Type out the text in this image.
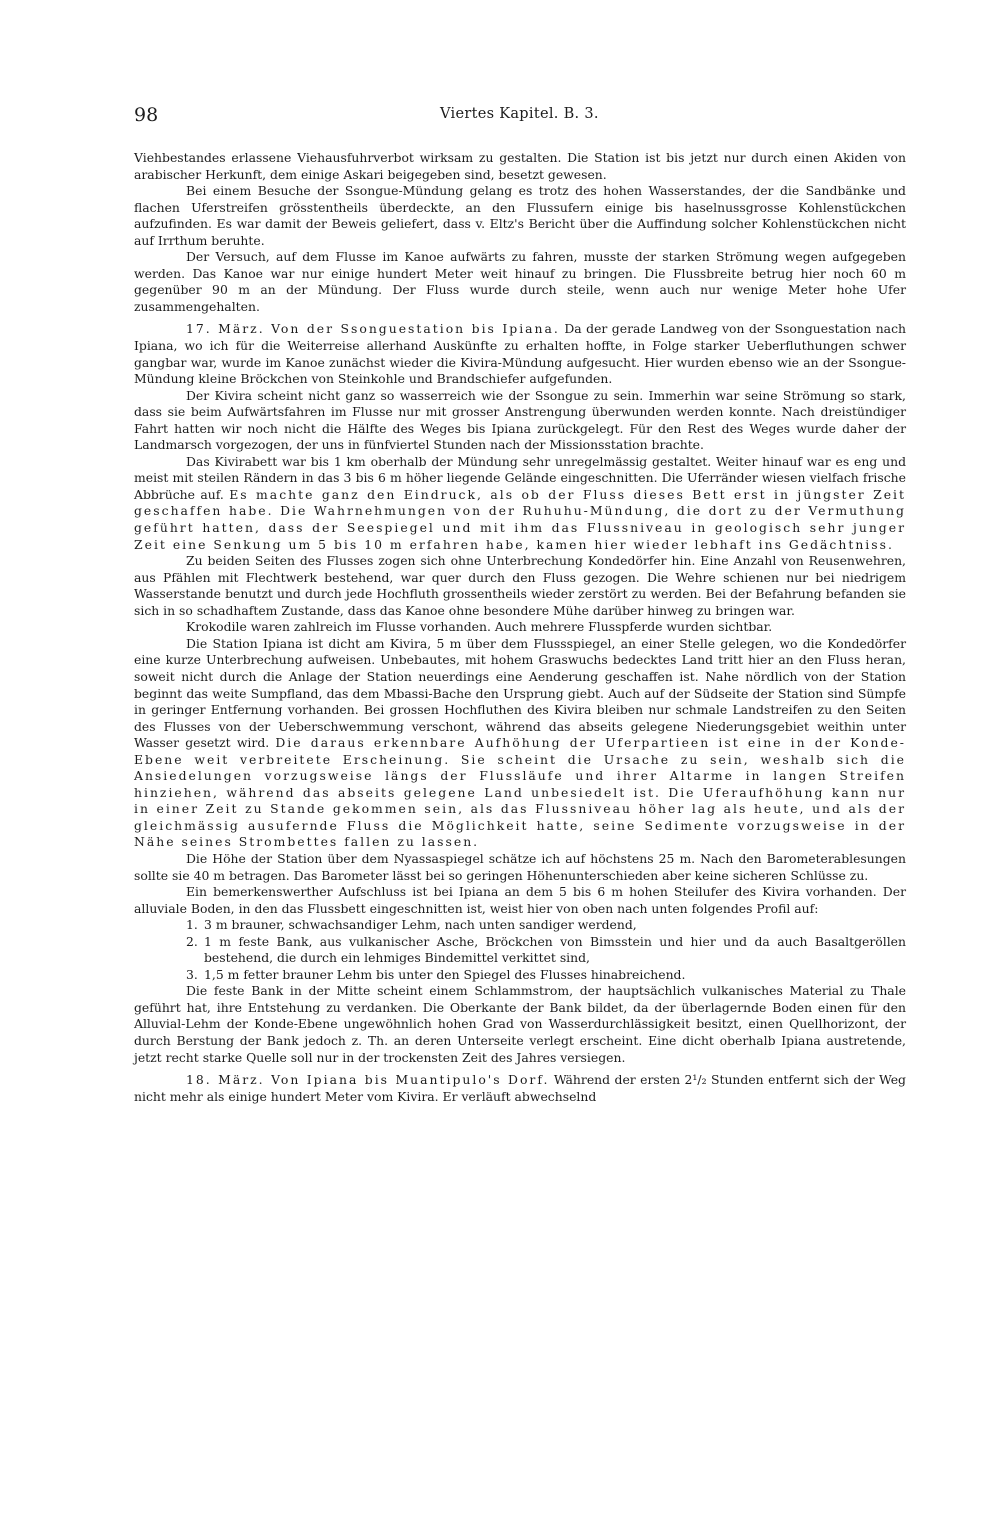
98	Viertes Kapitel. B. 3.

Viehbestandes erlassene Viehausfuhrverbot wirksam zu gestalten. Die Station ist bis jetzt nur durch einen Akiden von arabischer Herkunft, dem einige Askari beigegeben sind, besetzt gewesen.

Bei einem Besuche der Ssongue-Mündung gelang es trotz des hohen Wasserstandes, der die Sandbänke und flachen Uferstreifen grösstentheils überdeckte, an den Flussufern einige bis haselnussgrosse Kohlenstückchen aufzufinden. Es war damit der Beweis geliefert, dass v. Eltz's Bericht über die Auffindung solcher Kohlenstückchen nicht auf Irrthum beruhte.

Der Versuch, auf dem Flusse im Kanoe aufwärts zu fahren, musste der starken Strömung wegen aufgegeben werden. Das Kanoe war nur einige hundert Meter weit hinauf zu bringen. Die Flussbreite betrug hier noch 60 m gegenüber 90 m an der Mündung. Der Fluss wurde durch steile, wenn auch nur wenige Meter hohe Ufer zusammengehalten.

17. März. Von der Ssonguestation bis Ipiana. Da der gerade Landweg von der Ssonguestation nach Ipiana, wo ich für die Weiterreise allerhand Auskünfte zu erhalten hoffte, in Folge starker Ueberfluthungen schwer gangbar war, wurde im Kanoe zunächst wieder die Kivira-Mündung aufgesucht. Hier wurden ebenso wie an der Ssongue-Mündung kleine Bröckchen von Steinkohle und Brandschiefer aufgefunden.

Der Kivira scheint nicht ganz so wasserreich wie der Ssongue zu sein. Immerhin war seine Strömung so stark, dass sie beim Aufwärtsfahren im Flusse nur mit grosser Anstrengung überwunden werden konnte. Nach dreistündiger Fahrt hatten wir noch nicht die Hälfte des Weges bis Ipiana zurückgelegt. Für den Rest des Weges wurde daher der Landmarsch vorgezogen, der uns in fünfviertel Stunden nach der Missionsstation brachte.

Das Kivirabett war bis 1 km oberhalb der Mündung sehr unregelmässig gestaltet. Weiter hinauf war es eng und meist mit steilen Rändern in das 3 bis 6 m höher liegende Gelände eingeschnitten. Die Uferränder wiesen vielfach frische Abbrüche auf. Es machte ganz den Eindruck, als ob der Fluss dieses Bett erst in jüngster Zeit geschaffen habe. Die Wahrnehmungen von der Ruhuhu-Mündung, die dort zu der Vermuthung geführt hatten, dass der Seespiegel und mit ihm das Flussniveau in geologisch sehr junger Zeit eine Senkung um 5 bis 10 m erfahren habe, kamen hier wieder lebhaft ins Gedächtniss.

Zu beiden Seiten des Flusses zogen sich ohne Unterbrechung Kondedörfer hin. Eine Anzahl von Reusenwehren, aus Pfählen mit Flechtwerk bestehend, war quer durch den Fluss gezogen. Die Wehre schienen nur bei niedrigem Wasserstande benutzt und durch jede Hochfluth grossentheils wieder zerstört zu werden. Bei der Befahrung befanden sie sich in so schadhaftem Zustande, dass das Kanoe ohne besondere Mühe darüber hinweg zu bringen war.

Krokodile waren zahlreich im Flusse vorhanden. Auch mehrere Flusspferde wurden sichtbar.

Die Station Ipiana ist dicht am Kivira, 5 m über dem Flussspiegel, an einer Stelle gelegen, wo die Kondedörfer eine kurze Unterbrechung aufweisen. Unbebautes, mit hohem Graswuchs bedecktes Land tritt hier an den Fluss heran, soweit nicht durch die Anlage der Station neuerdings eine Aenderung geschaffen ist. Nahe nördlich von der Station beginnt das weite Sumpfland, das dem Mbassi-Bache den Ursprung giebt. Auch auf der Südseite der Station sind Sümpfe in geringer Entfernung vorhanden. Bei grossen Hochfluthen des Kivira bleiben nur schmale Landstreifen zu den Seiten des Flusses von der Ueberschwemmung verschont, während das abseits gelegene Niederungsgebiet weithin unter Wasser gesetzt wird. Die daraus erkennbare Aufhöhung der Uferpartieen ist eine in der Konde-Ebene weit verbreitete Erscheinung. Sie scheint die Ursache zu sein, weshalb sich die Ansiedelungen vorzugsweise längs der Flussläufe und ihrer Altarme in langen Streifen hinziehen, während das abseits gelegene Land unbesiedelt ist. Die Uferaufhöhung kann nur in einer Zeit zu Stande gekommen sein, als das Flussniveau höher lag als heute, und als der gleichmässig ausufernde Fluss die Möglichkeit hatte, seine Sedimente vorzugsweise in der Nähe seines Strombettes fallen zu lassen.

Die Höhe der Station über dem Nyassaspiegel schätze ich auf höchstens 25 m. Nach den Barometerablesungen sollte sie 40 m betragen. Das Barometer lässt bei so geringen Höhenunterschieden aber keine sicheren Schlüsse zu.

Ein bemerkenswerther Aufschluss ist bei Ipiana an dem 5 bis 6 m hohen Steilufer des Kivira vorhanden. Der alluviale Boden, in den das Flussbett eingeschnitten ist, weist hier von oben nach unten folgendes Profil auf:

1. 3 m brauner, schwachsandiger Lehm, nach unten sandiger werdend,
2. 1 m feste Bank, aus vulkanischer Asche, Bröckchen von Bimsstein und hier und da auch Basaltgeröllen bestehend, die durch ein lehmiges Bindemittel verkittet sind,
3. 1,5 m fetter brauner Lehm bis unter den Spiegel des Flusses hinabreichend.

Die feste Bank in der Mitte scheint einem Schlammstrom, der hauptsächlich vulkanisches Material zu Thale geführt hat, ihre Entstehung zu verdanken. Die Oberkante der Bank bildet, da der überlagernde Boden einen für den Alluvial-Lehm der Konde-Ebene ungewöhnlich hohen Grad von Wasserdurchlässigkeit besitzt, einen Quellhorizont, der durch Berstung der Bank jedoch z. Th. an deren Unterseite verlegt erscheint. Eine dicht oberhalb Ipiana austretende, jetzt recht starke Quelle soll nur in der trockensten Zeit des Jahres versiegen.

18. März. Von Ipiana bis Muantipulo's Dorf. Während der ersten 2¹/₂ Stunden entfernt sich der Weg nicht mehr als einige hundert Meter vom Kivira. Er verläuft abwechselnd
